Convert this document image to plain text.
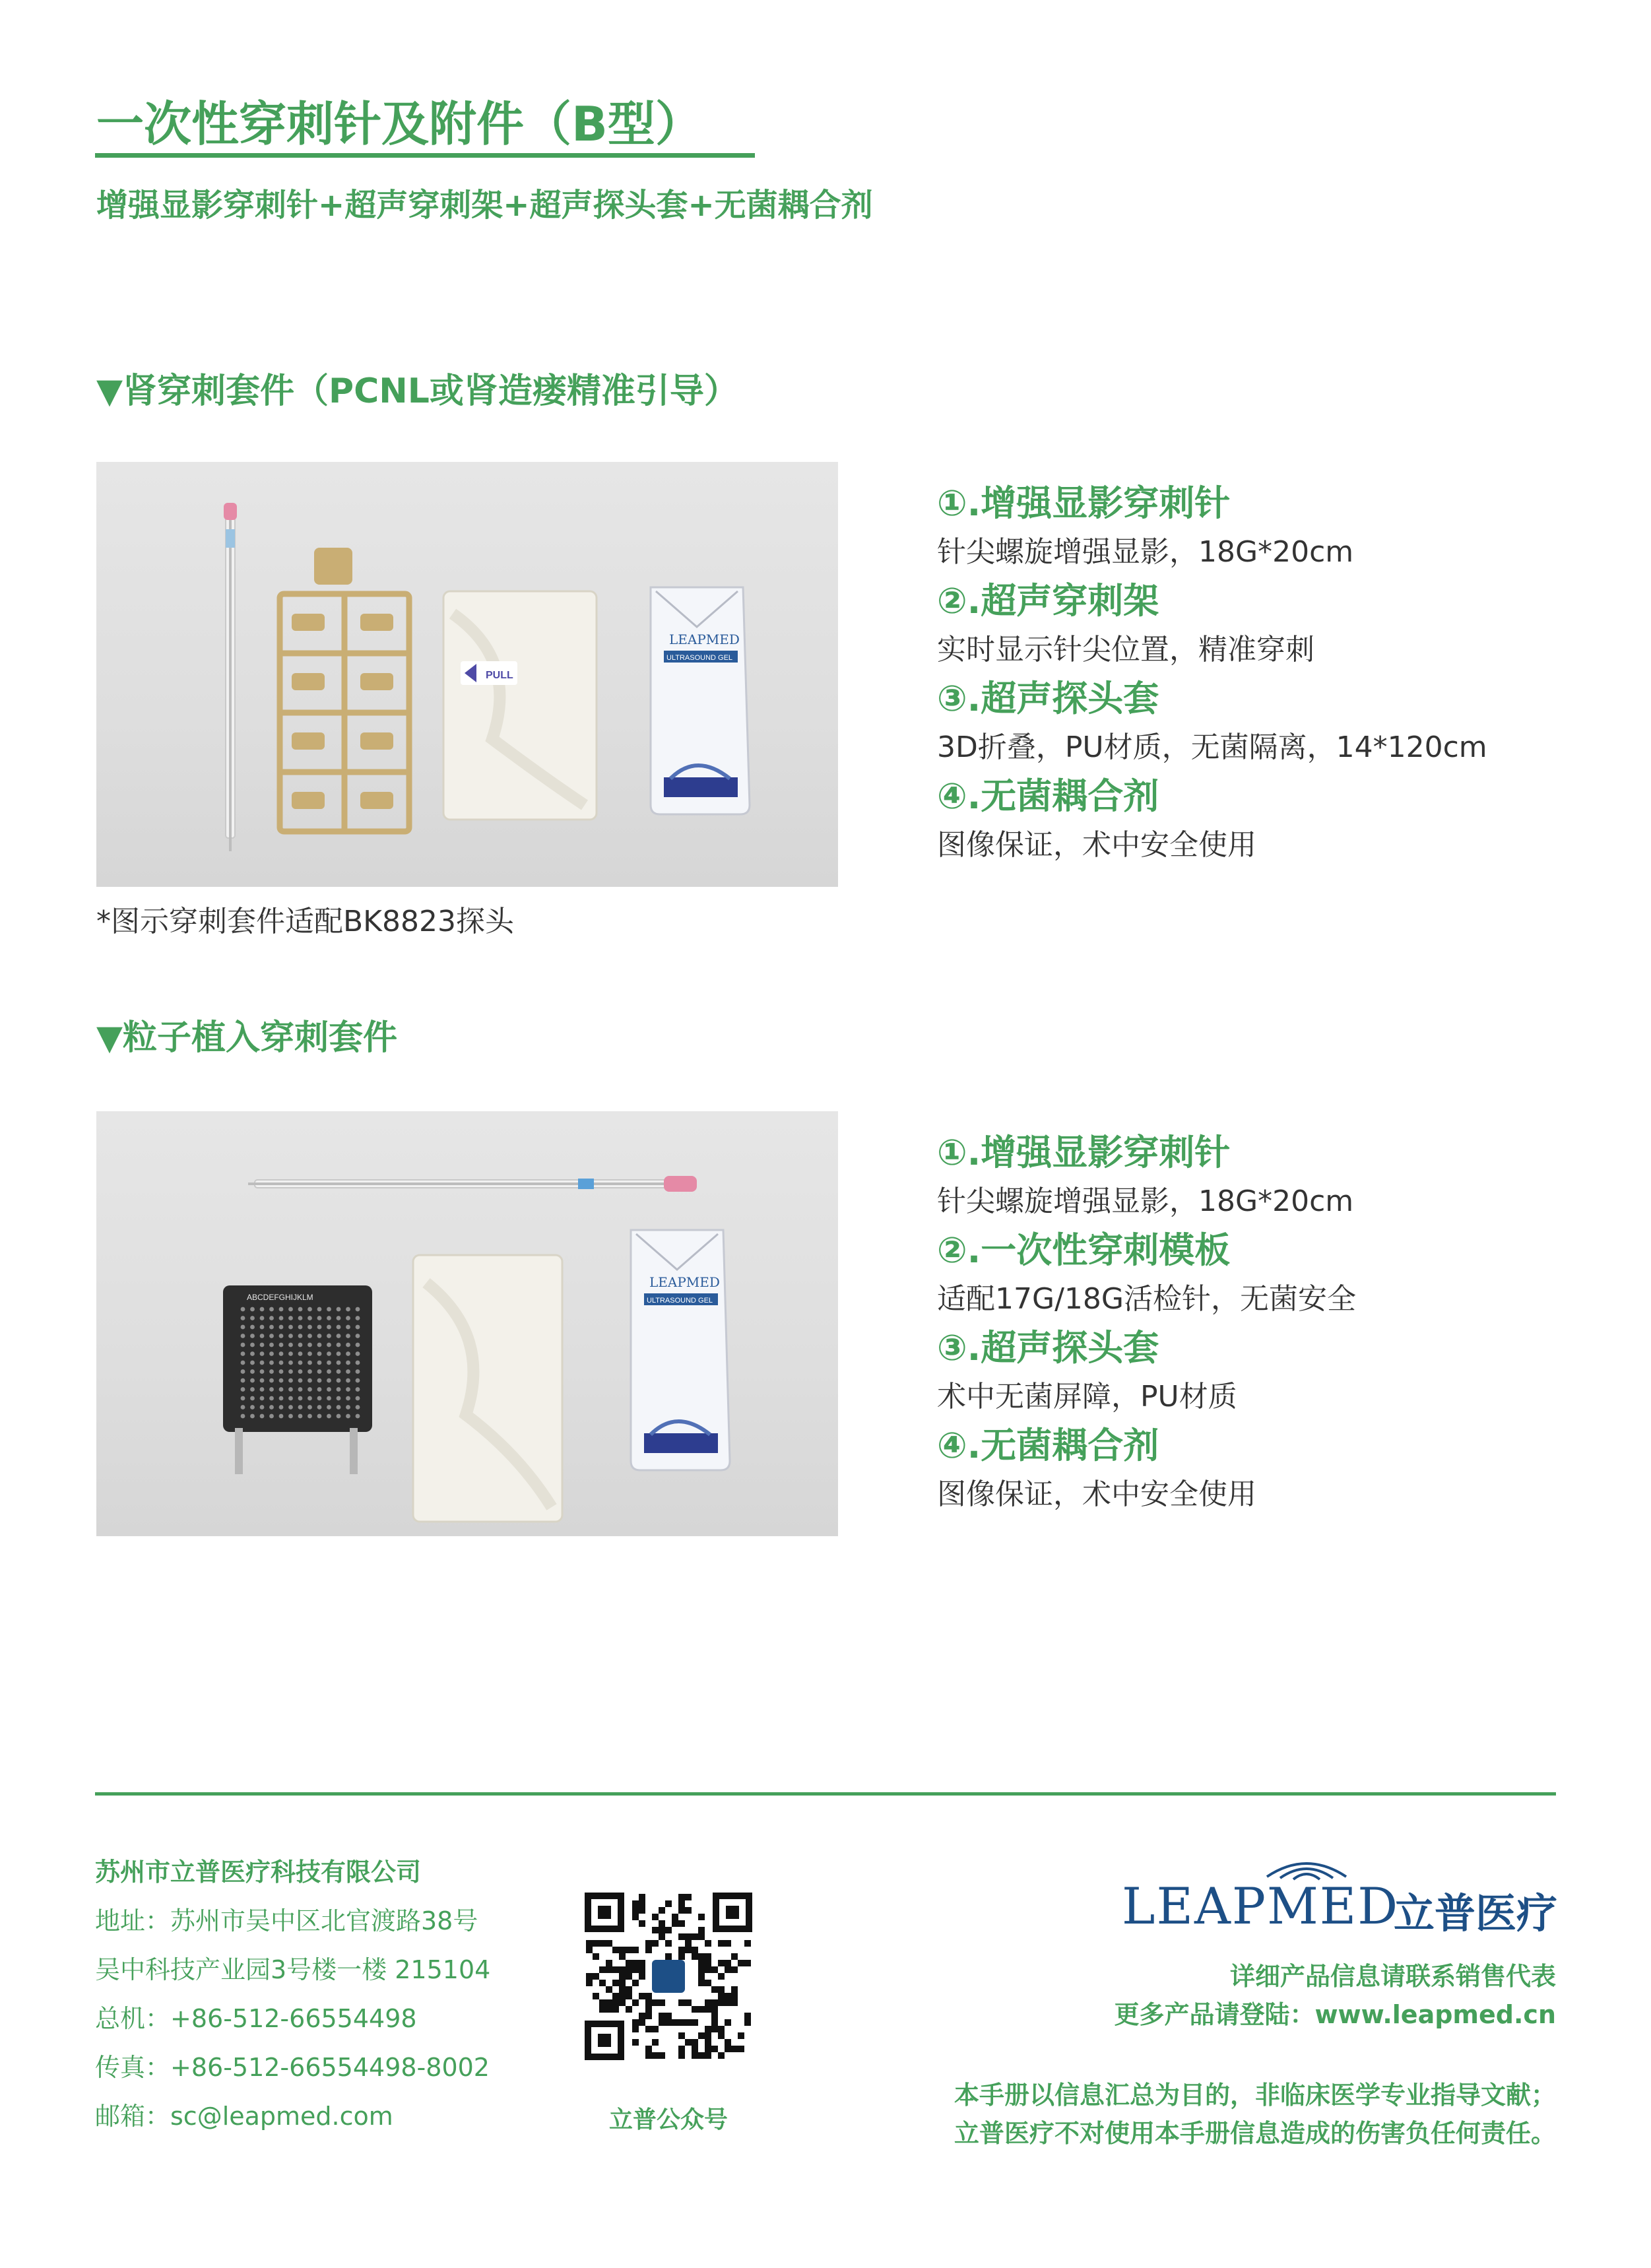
一次性穿刺针及附件（B型）
增强显影穿刺针+超声穿刺架+超声探头套+无菌耦合剂
▼肾穿刺套件（PCNL或肾造瘘精准引导）
PULL
LEAPMED
ULTRASOUND GEL
*图示穿刺套件适配BK8823探头
①.增强显影穿刺针
针尖螺旋增强显影，18G*20cm
②.超声穿刺架
实时显示针尖位置，精准穿刺
③.超声探头套
3D折叠，PU材质，无菌隔离，14*120cm
④.无菌耦合剂
图像保证，术中安全使用
▼粒子植入穿刺套件
ABCDEFGHIJKLM
LEAPMED
ULTRASOUND GEL
①.增强显影穿刺针
针尖螺旋增强显影，18G*20cm
②.一次性穿刺模板
适配17G/18G活检针，无菌安全
③.超声探头套
术中无菌屏障，PU材质
④.无菌耦合剂
图像保证，术中安全使用
苏州市立普医疗科技有限公司
地址：苏州市吴中区北官渡路38号
吴中科技产业园3号楼一楼 215104
总机：+86-512-66554498
传真：+86-512-66554498-8002
邮箱：sc@leapmed.com	立普公众号
LEAPMED
立普医疗
详细产品信息请联系销售代表
更多产品请登陆：www.leapmed.cn
本手册以信息汇总为目的，非临床医学专业指导文献；
立普医疗不对使用本手册信息造成的伤害负任何责任。
